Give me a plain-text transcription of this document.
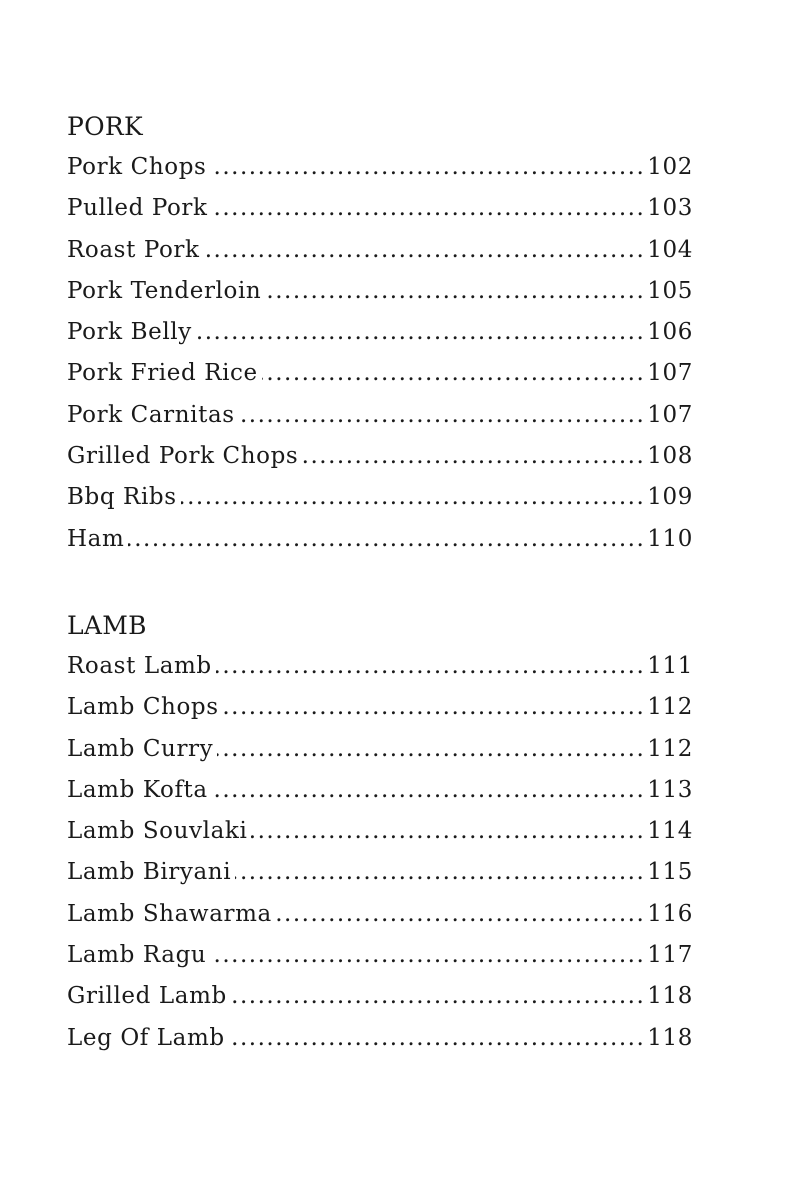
PORK
Pork Chops .....	102
Pulled Pork .....	103
Roast Pork .....	104
Pork Tenderloin .....	105
Pork Belly .....	106
Pork Fried Rice .....	107
Pork Carnitas .....	107
Grilled Pork Chops .....	108
Bbq Ribs .....	109
Ham .....	110
LAMB
Roast Lamb .....	111
Lamb Chops .....	112
Lamb Curry .....	112
Lamb Kofta .....	113
Lamb Souvlaki .....	114
Lamb Biryani .....	115
Lamb Shawarma .....	116
Lamb Ragu .....	117
Grilled Lamb .....	118
Leg Of Lamb .....	118
